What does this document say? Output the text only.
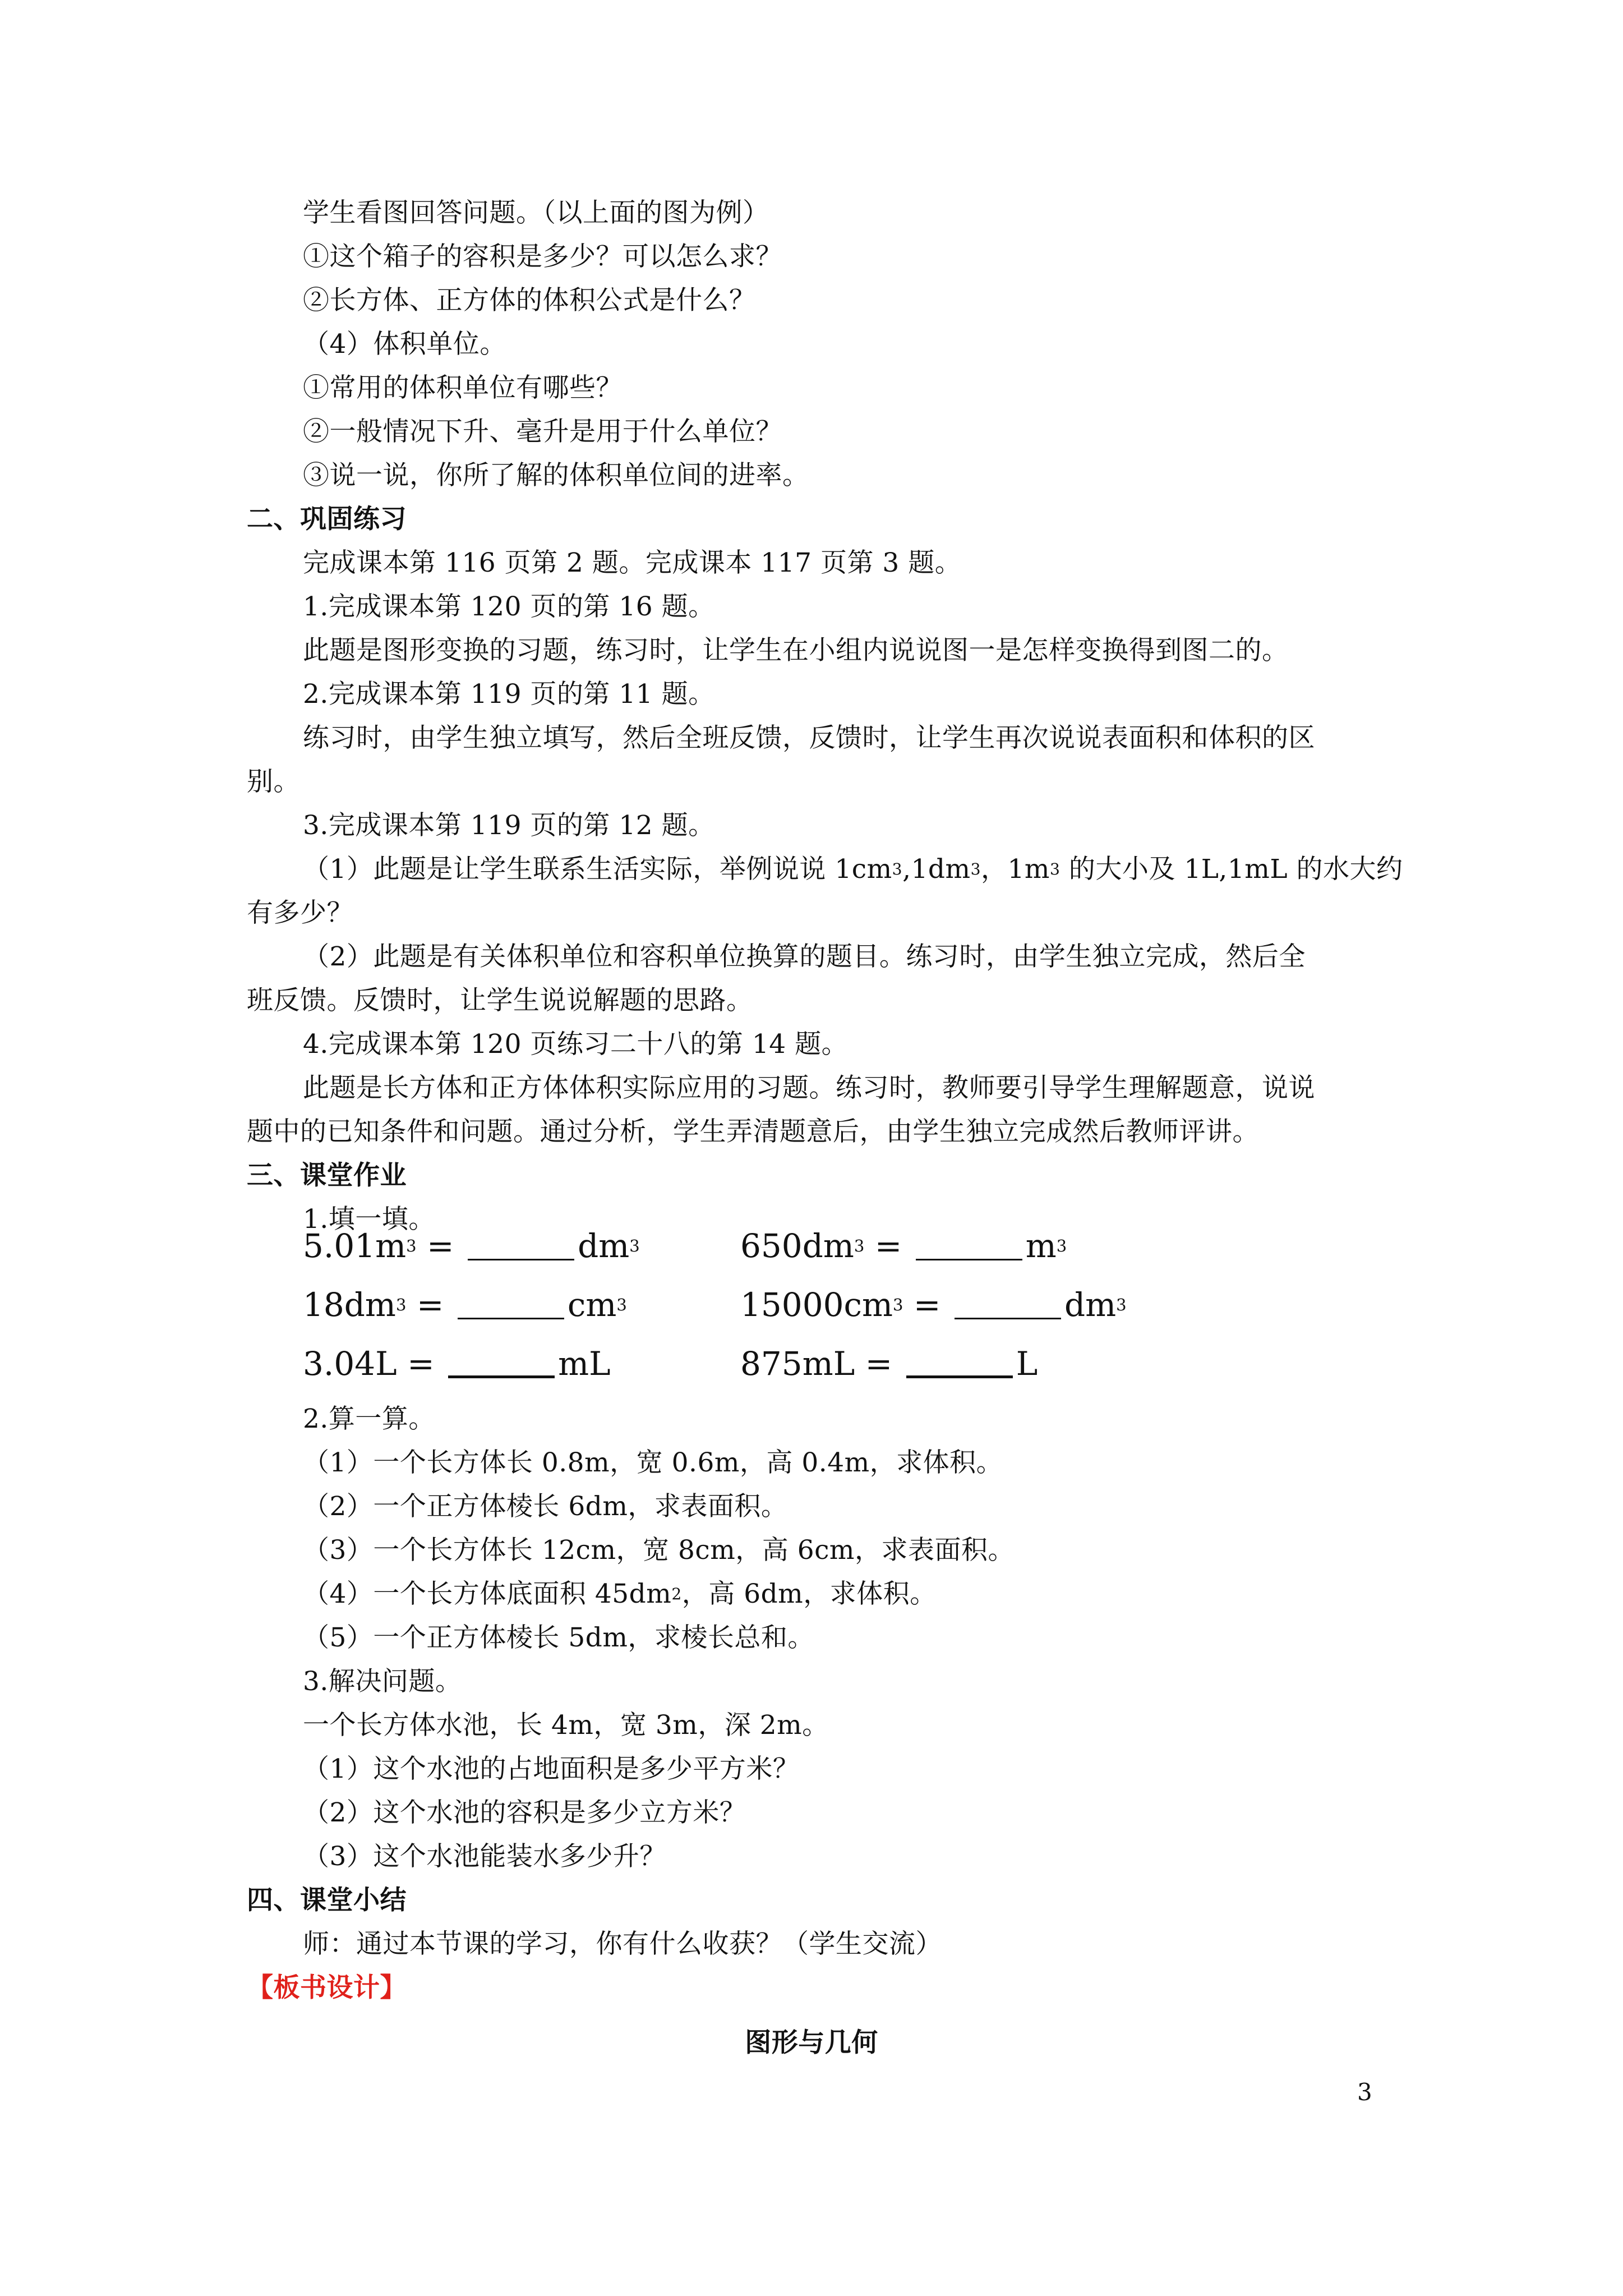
学生看图回答问题。（以上面的图为例）

①这个箱子的容积是多少？可以怎么求？

②长方体、正方体的体积公式是什么？

（4）体积单位。

①常用的体积单位有哪些？

②一般情况下升、毫升是用于什么单位？

③说一说，你所了解的体积单位间的进率。

二、巩固练习

完成课本第 116 页第 2 题。完成课本 117 页第 3 题。

1.完成课本第 120 页的第 16 题。

此题是图形变换的习题，练习时，让学生在小组内说说图一是怎样变换得到图二的。

2.完成课本第 119 页的第 11 题。

练习时，由学生独立填写，然后全班反馈，反馈时，让学生再次说说表面积和体积的区

别。

3.完成课本第 119 页的第 12 题。

（1）此题是让学生联系生活实际，举例说说 $1cm^3,1dm^3$，$1m^3$ 的大小及 1L,1mL 的水大约

有多少？

（2）此题是有关体积单位和容积单位换算的题目。练习时，由学生独立完成，然后全

班反馈。反馈时，让学生说说解题的思路。

4.完成课本第 120 页练习二十八的第 14 题。

此题是长方体和正方体体积实际应用的习题。练习时，教师要引导学生理解题意，说说

题中的已知条件和问题。通过分析，学生弄清题意后，由学生独立完成然后教师评讲。

三、课堂作业

1.填一填。

$5.01m^3$ =	$dm^3$	$650dm^3$ =	$m^3$
$18dm^3$ =	$cm^3$	$15000cm^3$ =	$dm^3$
3.04L =	mL	875mL =	L

2.算一算。

（1）一个长方体长 0.8m，宽 0.6m，高 0.4m，求体积。

（2）一个正方体棱长 6dm，求表面积。

（3）一个长方体长 12cm，宽 8cm，高 6cm，求表面积。

（4）一个长方体底面积 $45dm^2$，高 6dm，求体积。

（5）一个正方体棱长 5dm，求棱长总和。

3.解决问题。

一个长方体水池，长 4m，宽 3m，深 2m。

（1）这个水池的占地面积是多少平方米？

（2）这个水池的容积是多少立方米？

（3）这个水池能装水多少升？

四、课堂小结

师：通过本节课的学习，你有什么收获？（学生交流）

【板书设计】

图形与几何

3
